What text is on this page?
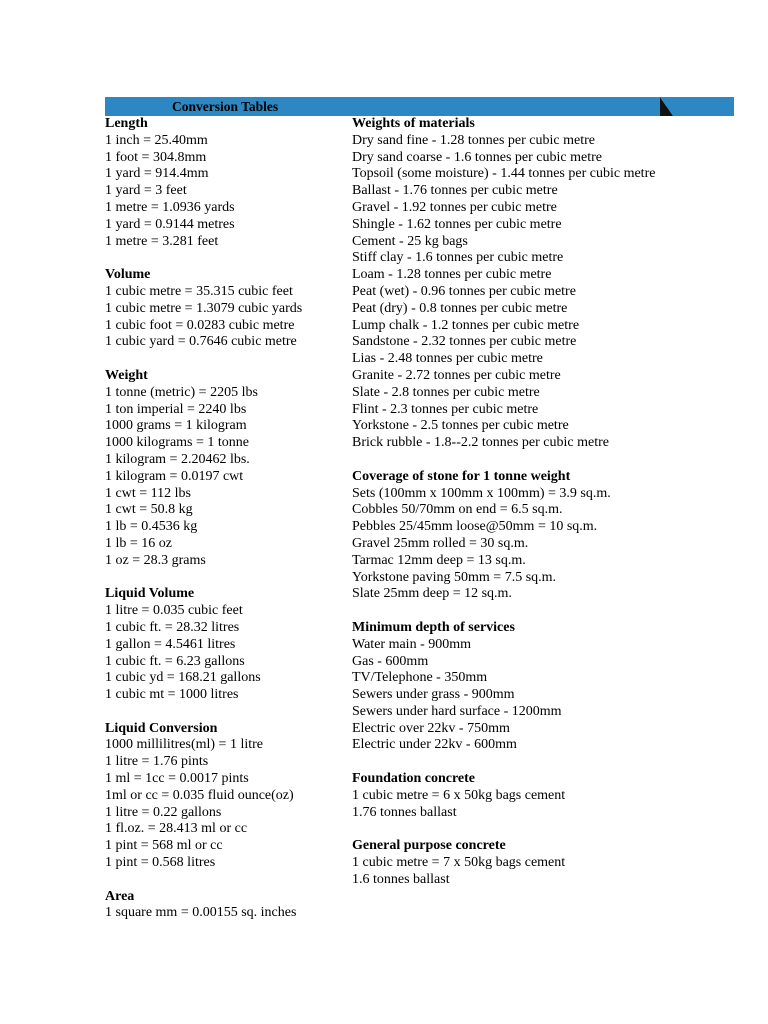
Conversion Tables
Length
1 inch = 25.40mm
1 foot = 304.8mm
1 yard = 914.4mm
1 yard = 3 feet
1 metre = 1.0936 yards
1 yard = 0.9144 metres
1 metre = 3.281 feet
Volume
1 cubic metre = 35.315 cubic feet
1 cubic metre = 1.3079 cubic yards
1 cubic foot = 0.0283 cubic metre
1 cubic yard = 0.7646 cubic metre
Weight
1 tonne (metric) = 2205 lbs
1 ton imperial = 2240 lbs
1000 grams = 1 kilogram
1000 kilograms = 1 tonne
1 kilogram = 2.20462 lbs.
1 kilogram = 0.0197 cwt
1 cwt = 112 lbs
1 cwt = 50.8 kg
1 lb = 0.4536 kg
1 lb = 16 oz
1 oz = 28.3 grams
Liquid Volume
1 litre = 0.035 cubic feet
1 cubic ft. = 28.32 litres
1 gallon = 4.5461 litres
1 cubic ft. = 6.23 gallons
1 cubic yd = 168.21 gallons
1 cubic mt = 1000 litres
Liquid Conversion
1000 millilitres(ml) = 1 litre
1 litre = 1.76 pints
1 ml = 1cc = 0.0017 pints
1ml or cc = 0.035 fluid ounce(oz)
1 litre = 0.22 gallons
1 fl.oz. = 28.413 ml or cc
1 pint = 568 ml or cc
1 pint = 0.568 litres
Area
1 square mm = 0.00155 sq. inches
Weights of materials
Dry sand fine - 1.28 tonnes per cubic metre
Dry sand coarse - 1.6 tonnes per cubic metre
Topsoil (some moisture) - 1.44 tonnes per cubic metre
Ballast - 1.76 tonnes per cubic metre
Gravel - 1.92 tonnes per cubic metre
Shingle - 1.62 tonnes per cubic metre
Cement - 25 kg bags
Stiff clay - 1.6 tonnes per cubic metre
Loam - 1.28 tonnes per cubic metre
Peat (wet) - 0.96 tonnes per cubic metre
Peat (dry) - 0.8 tonnes per cubic metre
Lump chalk - 1.2 tonnes per cubic metre
Sandstone - 2.32 tonnes per cubic metre
Lias - 2.48 tonnes per cubic metre
Granite - 2.72 tonnes per cubic metre
Slate - 2.8 tonnes per cubic metre
Flint - 2.3 tonnes per cubic metre
Yorkstone - 2.5 tonnes per cubic metre
Brick rubble - 1.8--2.2 tonnes per cubic metre
Coverage of stone for 1 tonne weight
Sets (100mm x 100mm x 100mm) = 3.9 sq.m.
Cobbles 50/70mm on end = 6.5 sq.m.
Pebbles 25/45mm loose@50mm = 10 sq.m.
Gravel 25mm rolled = 30 sq.m.
Tarmac 12mm deep = 13 sq.m.
Yorkstone paving 50mm = 7.5 sq.m.
Slate 25mm deep = 12 sq.m.
Minimum depth of services
Water main - 900mm
Gas - 600mm
TV/Telephone - 350mm
Sewers under grass - 900mm
Sewers under hard surface - 1200mm
Electric over 22kv - 750mm
Electric under 22kv - 600mm
Foundation concrete
1 cubic metre = 6 x 50kg bags cement
1.76 tonnes ballast
General purpose concrete
1 cubic metre = 7 x 50kg bags cement
1.6 tonnes ballast
